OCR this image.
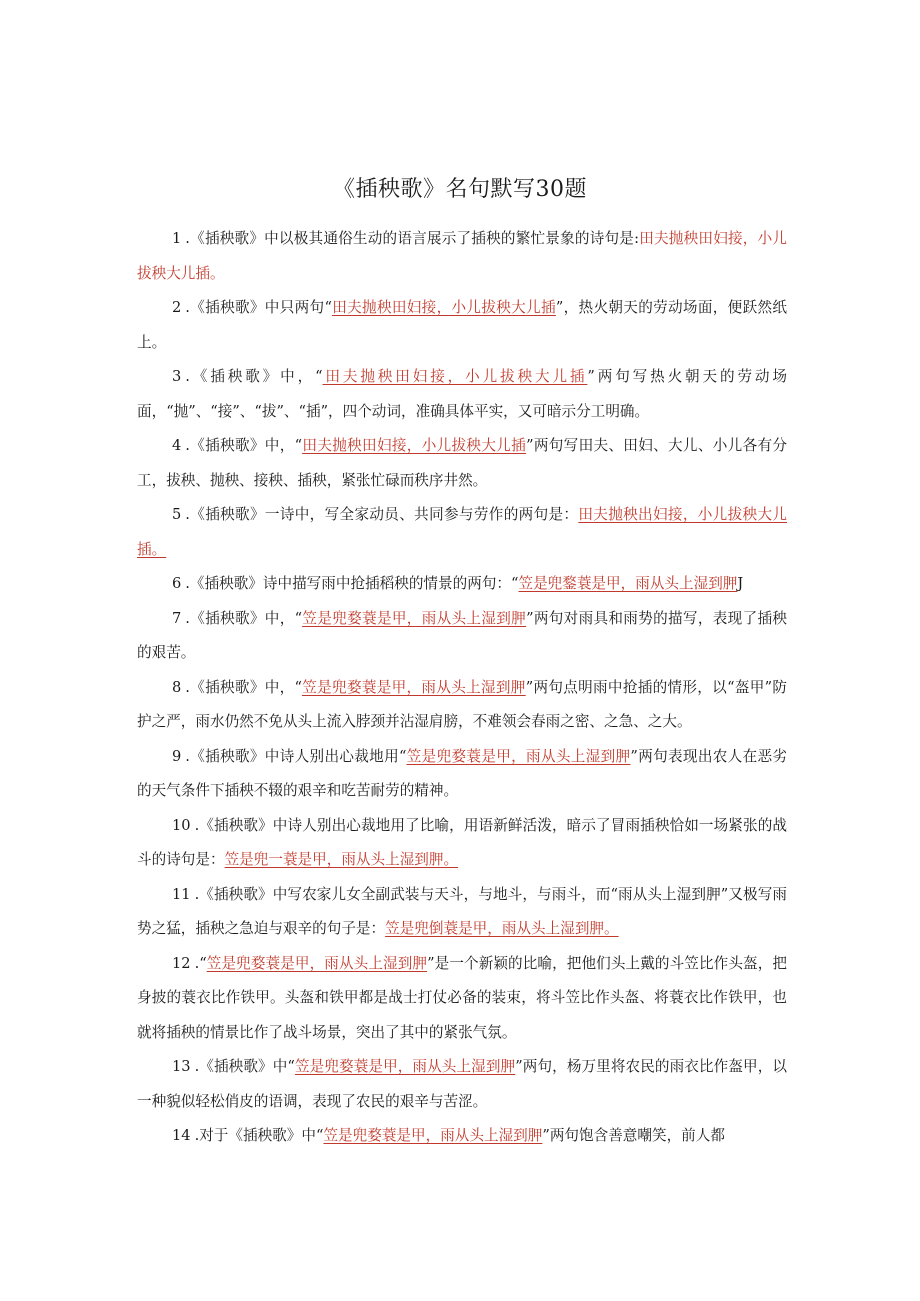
《插秧歌》名句默写30题

1 .《插秧歌》中以极其通俗生动的语言展示了插秧的繁忙景象的诗句是:田夫抛秧田妇接，小儿拔秧大儿插。

2 .《插秧歌》中只两句“田夫抛秧田妇接，小儿拔秧大儿插”，热火朝天的劳动场面，便跃然纸上。

3 .《插秧歌》中，“田夫抛秧田妇接，小儿拔秧大儿插”两句写热火朝天的劳动场面，“抛”、“接”、“拔”、“插”，四个动词，准确具体平实，又可暗示分工明确。

4 .《插秧歌》中，“田夫抛秧田妇接，小儿拔秧大儿插”两句写田夫、田妇、大儿、小儿各有分工，拔秧、抛秧、接秧、插秧，紧张忙碌而秩序井然。

5 .《插秧歌》一诗中，写全家动员、共同参与劳作的两句是：田夫抛秧出妇接，小儿拔秧大儿插。

6 .《插秧歌》诗中描写雨中抢插稻秧的情景的两句：“笠是兜鍪蓑是甲，雨从头上湿到胛J

7 .《插秧歌》中，“笠是兜婺蓑是甲，雨从头上湿到胛”两句对雨具和雨势的描写，表现了插秧的艰苦。

8 .《插秧歌》中，“笠是兜婺蓑是甲，雨从头上湿到胛”两句点明雨中抢插的情形，以“盔甲”防护之严，雨水仍然不免从头上流入脖颈并沾湿肩膀，不难领会春雨之密、之急、之大。

9 .《插秧歌》中诗人别出心裁地用“笠是兜婺蓑是甲，雨从头上湿到胛”两句表现出农人在恶劣的天气条件下插秧不辍的艰辛和吃苦耐劳的精神。

10 .《插秧歌》中诗人别出心裁地用了比喻，用语新鲜活泼，暗示了冒雨插秧恰如一场紧张的战斗的诗句是：笠是兜一蓑是甲，雨从头上湿到胛。

11 .《插秧歌》中写农家儿女全副武装与天斗，与地斗，与雨斗，而“雨从头上湿到胛”又极写雨势之猛，插秧之急迫与艰辛的句子是：笠是兜倒蓑是甲，雨从头上湿到胛。

12 .“笠是兜婺蓑是甲，雨从头上湿到胛”是一个新颖的比喻，把他们头上戴的斗笠比作头盔，把身披的蓑衣比作铁甲。头盔和铁甲都是战士打仗必备的装束，将斗笠比作头盔、将蓑衣比作铁甲，也就将插秧的情景比作了战斗场景，突出了其中的紧张气氛。

13 .《插秧歌》中“笠是兜婺蓑是甲，雨从头上湿到胛”两句，杨万里将农民的雨衣比作盔甲，以一种貌似轻松俏皮的语调，表现了农民的艰辛与苦涩。

14 .对于《插秧歌》中“笠是兜婺蓑是甲，雨从头上湿到胛”两句饱含善意嘲笑，前人都
